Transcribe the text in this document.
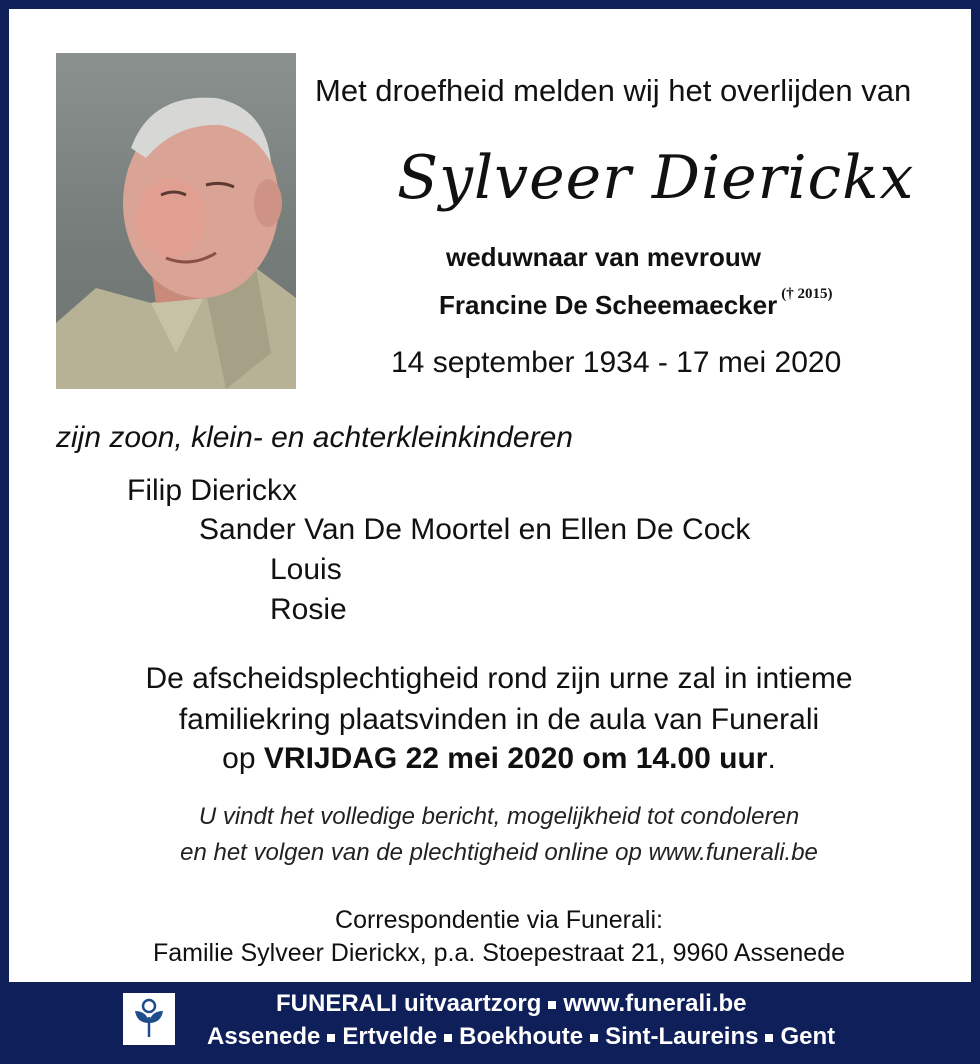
Met droefheid melden wij het overlijden van
Sylveer Dierickx
weduwnaar van mevrouw
Francine De Scheemaecker $^{(\dagger 2015)}$
14 september 1934 - 17 mei 2020
zijn zoon, klein- en achterkleinkinderen
Filip Dierickx
Sander Van De Moortel en Ellen De Cock
Louis
Rosie
De afscheidsplechtigheid rond zijn urne zal in intieme
familiekring plaatsvinden in de aula van Funerali
op VRIJDAG 22 mei 2020 om 14.00 uur.
U vindt het volledige bericht, mogelijkheid tot condoleren
en het volgen van de plechtigheid online op www.funerali.be
Correspondentie via Funerali:
Familie Sylveer Dierickx, p.a. Stoepestraat 21, 9960 Assenede
FUNERALI uitvaartzorg www.funerali.be
Assenede Ertvelde Boekhoute Sint-Laureins Gent
